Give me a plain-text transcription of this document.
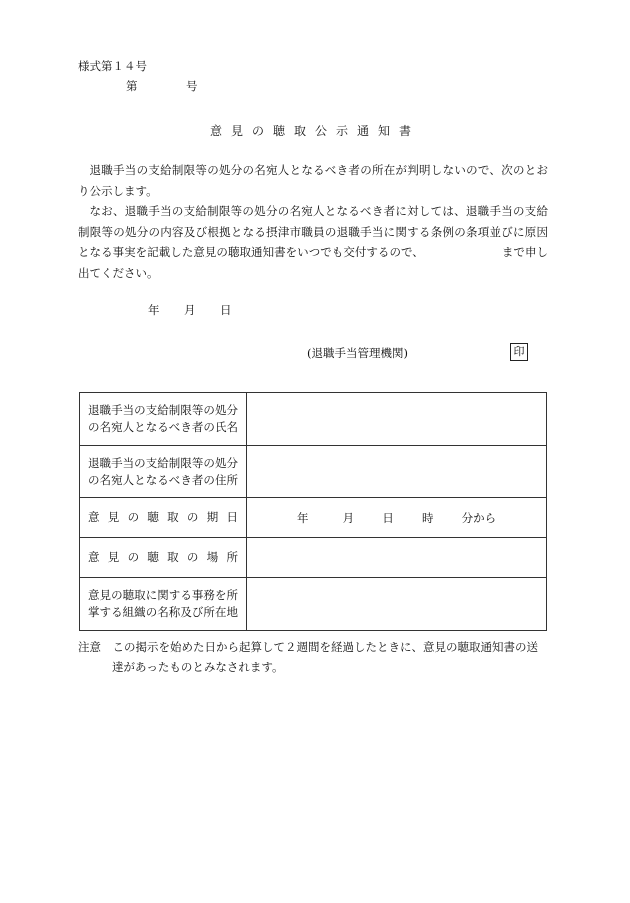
様式第１４号
第	号
意見の聴取公示通知書

退職手当の支給制限等の処分の名宛人となるべき者の所在が判明しないので、次のとおり公示します。

なお、退職手当の支給制限等の処分の名宛人となるべき者に対しては、退職手当の支給制限等の処分の内容及び根拠となる摂津市職員の退職手当に関する条例の条項並びに原因となる事実を記載した意見の聴取通知書をいつでも交付するので、	まで申し出てください。

年 月 日
(退職手当管理機関)	印
退職手当の支給制限等の処分の名宛人となるべき者の氏名	
退職手当の支給制限等の処分の名宛人となるべき者の住所	
意見の聴取の期日	年 月 日 時 分から
意見の聴取の場所	
意見の聴取に関する事務を所掌する組織の名称及び所在地	
注意　この掲示を始めた日から起算して２週間を経過したときに、意見の聴取通知書の送
達があったものとみなされます。
